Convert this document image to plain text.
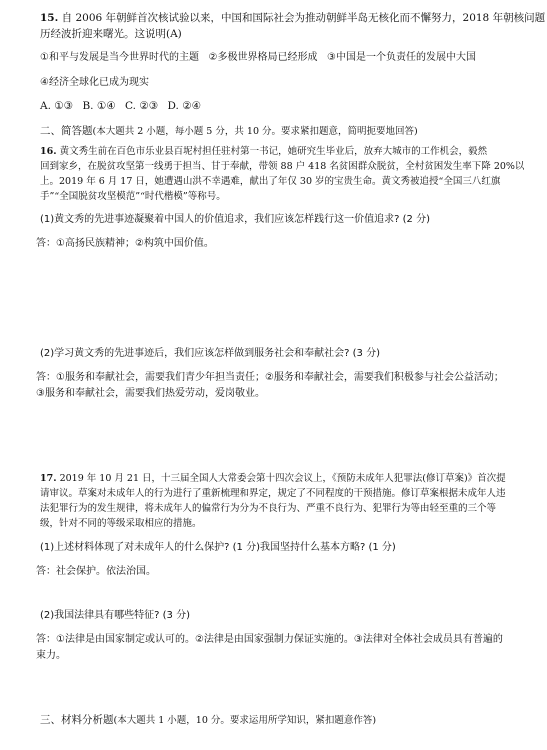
15. 自 2006 年朝鲜首次核试验以来，中国和国际社会为推动朝鲜半岛无核化而不懈努力，2018 年朝核问题
历经波折迎来曙光。这说明(A)
①和平与发展是当今世界时代的主题 ②多极世界格局已经形成 ③中国是一个负责任的发展中大国
④经济全球化已成为现实
A. ①③ B. ①④ C. ②③ D. ②④
二、简答题(本大题共 2 小题，每小题 5 分，共 10 分。要求紧扣题意，简明扼要地回答)
16. 黄文秀生前在百色市乐业县百坭村担任驻村第一书记，她研究生毕业后，放弃大城市的工作机会，毅然
回到家乡，在脱贫攻坚第一线勇于担当、甘于奉献，带领 88 户 418 名贫困群众脱贫，全村贫困发生率下降 20%以
上。2019 年 6 月 17 日，她遭遇山洪不幸遇难，献出了年仅 30 岁的宝贵生命。黄文秀被追授“全国三八红旗
手”“全国脱贫攻坚模范”“时代楷模”等称号。
(1)黄文秀的先进事迹凝聚着中国人的价值追求，我们应该怎样践行这一价值追求? (2 分)
答：①高扬民族精神；②构筑中国价值。
(2)学习黄文秀的先进事迹后，我们应该怎样做到服务社会和奉献社会? (3 分)
答：①服务和奉献社会，需要我们青少年担当责任；②服务和奉献社会，需要我们积极参与社会公益活动；
③服务和奉献社会，需要我们热爱劳动，爱岗敬业。
17. 2019 年 10 月 21 日，十三届全国人大常委会第十四次会议上，《预防未成年人犯罪法(修订草案)》首次提
请审议。草案对未成年人的行为进行了重新梳理和界定，规定了不同程度的干预措施。修订草案根据未成年人违
法犯罪行为的发生规律，将未成年人的偏常行为分为不良行为、严重不良行为、犯罪行为等由轻至重的三个等
级，针对不同的等级采取相应的措施。
(1)上述材料体现了对未成年人的什么保护? (1 分)我国坚持什么基本方略? (1 分)
答：社会保护。依法治国。
(2)我国法律具有哪些特征? (3 分)
答：①法律是由国家制定或认可的。②法律是由国家强制力保证实施的。③法律对全体社会成员具有普遍的
束力。
三、材料分析题(本大题共 1 小题，10 分。要求运用所学知识，紧扣题意作答)
